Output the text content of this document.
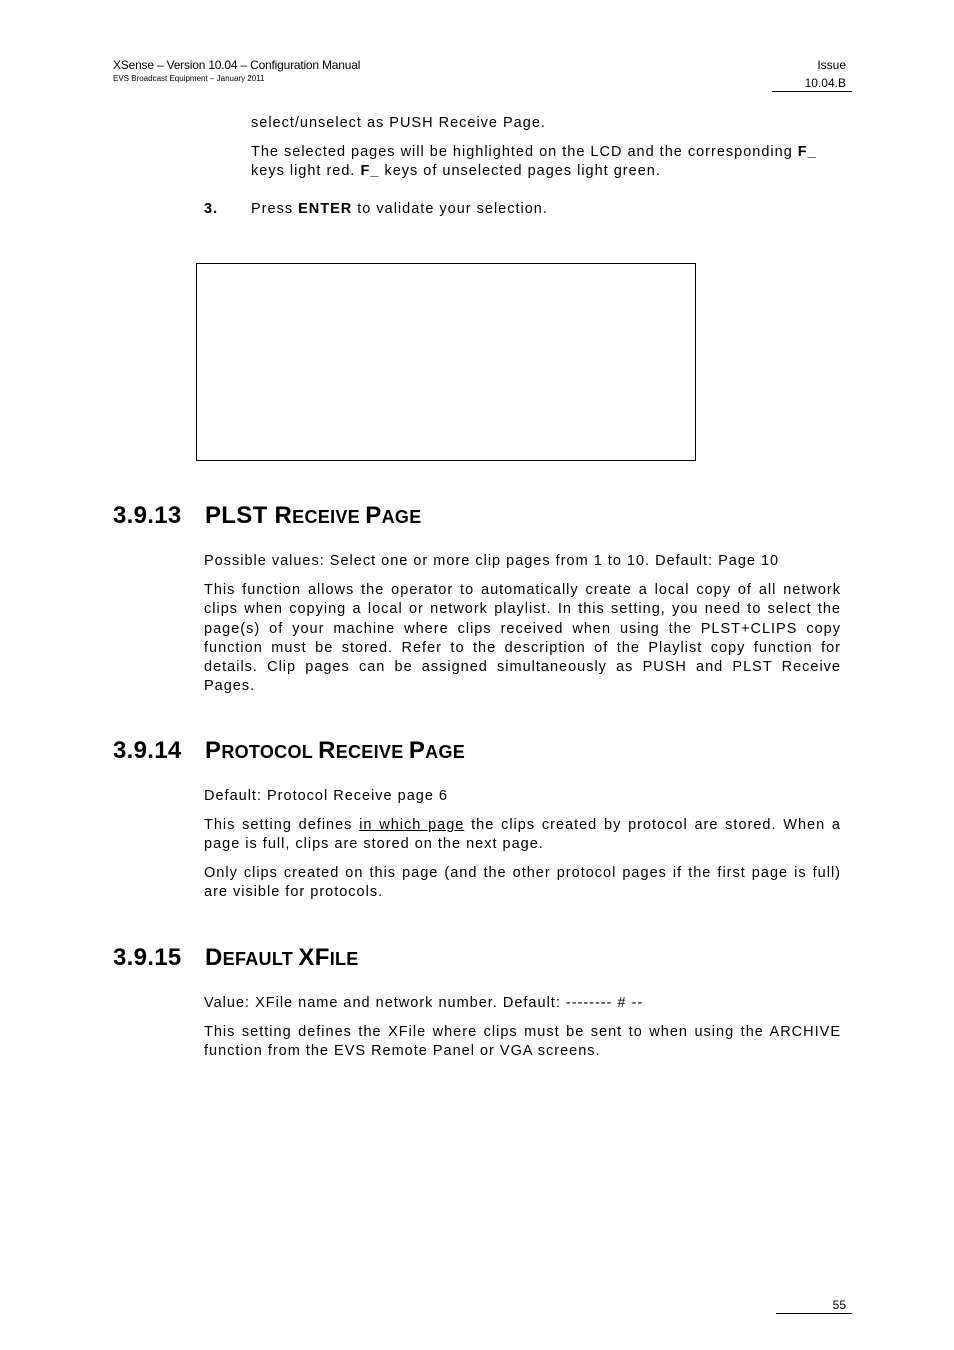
XSense – Version 10.04 – Configuration Manual
EVS Broadcast Equipment – January 2011
Issue
10.04.B
select/unselect as PUSH Receive Page.
The selected pages will be highlighted on the LCD and the corresponding F_ keys light red. F_ keys of unselected pages light green.
3.	Press ENTER to validate your selection.
3.9.13 PLST RECEIVE PAGE
Possible values: Select one or more clip pages from 1 to 10. Default: Page 10
This function allows the operator to automatically create a local copy of all network clips when copying a local or network playlist. In this setting, you need to select the page(s) of your machine where clips received when using the PLST+CLIPS copy function must be stored. Refer to the description of the Playlist copy function for details. Clip pages can be assigned simultaneously as PUSH and PLST Receive Pages.
3.9.14 PROTOCOL RECEIVE PAGE
Default: Protocol Receive page 6
This setting defines in which page the clips created by protocol are stored. When a page is full, clips are stored on the next page.
Only clips created on this page (and the other protocol pages if the first page is full) are visible for protocols.
3.9.15 DEFAULT XFILE
Value: XFile name and network number. Default: -------- # --
This setting defines the XFile where clips must be sent to when using the ARCHIVE function from the EVS Remote Panel or VGA screens.
55
